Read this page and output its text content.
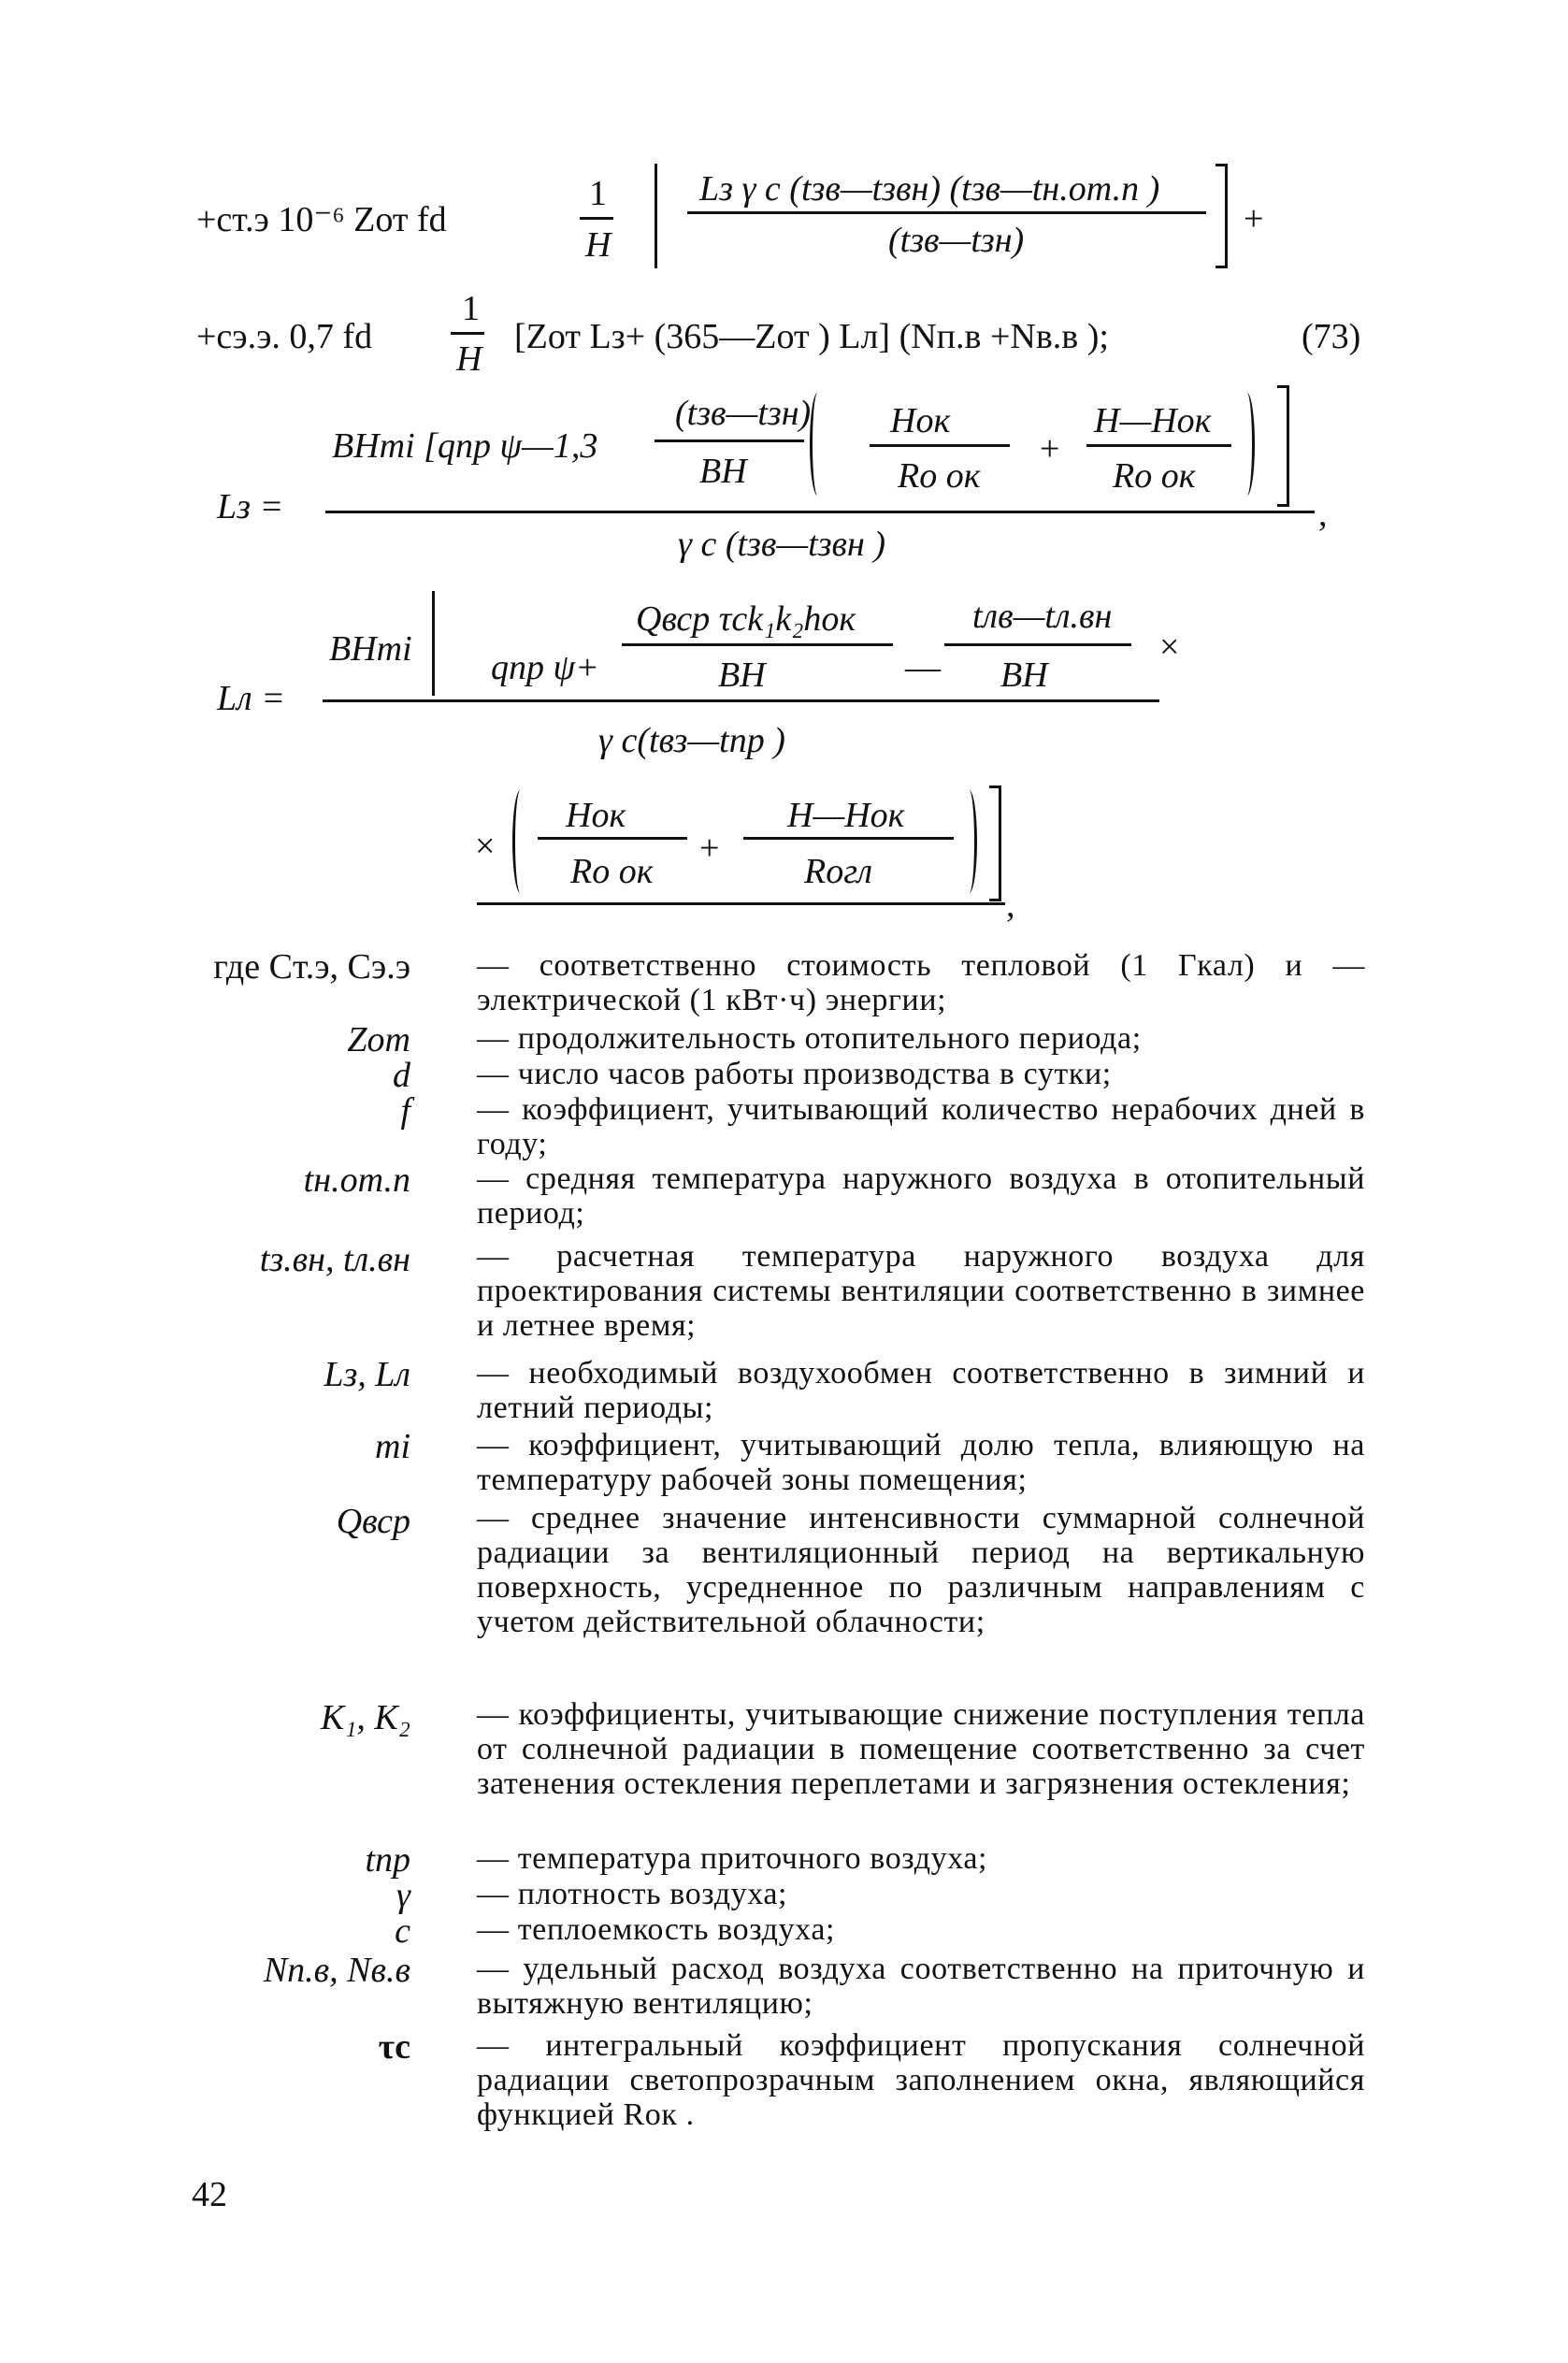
+cт.э 10⁻⁶ Zот fd
1
H
Lз γ c (tзв—tзвн) (tзв—tн.от.п )
(tзв—tзн)
+
+cэ.э. 0,7 fd
1
H
[Zот Lз+ (365—Zот ) Lл] (Nп.в +Nв.в );	(73)
Lз =
BHmi [qпр ψ—1,3
(tзв—tзн)
BH
Hок
Rо ок
+
H—Hок
Rо ок
γ c (tзв—tзвн )
,
Lл =
BHmi qпр ψ+
Qвср τck₁k₂hок
BH	—
tлв—tл.вн
BH
×
γ c(tвз—tпр )
×
Hок
Rо ок
+
H—Hок
Rогл
,
где Cт.э, Cэ.э — соответственно стоимость тепловой (1 Гкал) и — электрической (1 кВт·ч) энергии;
Zот — продолжительность отопительного периода;
d — число часов работы производства в сутки;
f — коэффициент, учитывающий количество нерабочих дней в году;
tн.от.п — средняя температура наружного воздуха в отопительный период;
tз.вн, tл.вн — расчетная температура наружного воздуха для проектирования системы вентиляции соответственно в зимнее и летнее время;
Lз, Lл — необходимый воздухообмен соответственно в зимний и летний периоды;
mi — коэффициент, учитывающий долю тепла, влияющую на температуру рабочей зоны помещения;
Qвср — среднее значение интенсивности суммарной солнечной радиации за вентиляционный период на вертикальную поверхность, усредненное по различным направлениям с учетом действительной облачности;
K₁, K₂ — коэффициенты, учитывающие снижение поступления тепла от солнечной радиации в помещение соответственно за счет затенения остекления переплетами и загрязнения остекления;
tпр — температура приточного воздуха;
γ — плотность воздуха;
c — теплоемкость воздуха;
Nп.в, Nв.в — удельный расход воздуха соответственно на приточную и вытяжную вентиляцию;
τc — интегральный коэффициент пропускания солнечной радиации светопрозрачным заполнением окна, являющийся функцией Rок .
42
